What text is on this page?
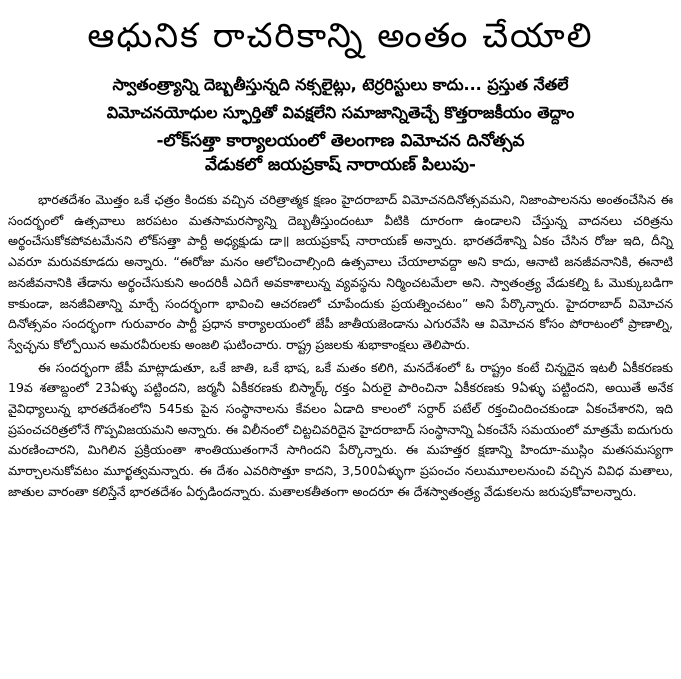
ఆధునిక రాచరికాన్ని అంతం చేయాలి
స్వాతంత్ర్యాన్ని దెబ్బతీస్తున్నది నక్సలైట్లు, టెర్రరిస్టులు కాదు... ప్రస్తుత నేతలే
విమోచనయోధుల స్ఫూర్తితో వివక్షలేని సమాజాన్నితెచ్చే కొత్తరాజకీయం తెద్దాం
-లోక్‌సత్తా కార్యాలయంలో తెలంగాణ విమోచన దినోత్సవ
వేడుకలో జయప్రకాష్ నారాయణ్ పిలుపు-

భారతదేశం మొత్తం ఒకే ఛత్రం కిందకు వచ్చిన చరిత్రాత్మక క్షణం హైదరాబాద్ విమోచనదినోత్సవమని, నిజాంపాలనను అంతంచేసిన ఈ సందర్భంలో ఉత్సవాలు జరపటం మతసామరస్యాన్ని దెబ్బతీస్తుందంటూ వీటికి దూరంగా ఉండాలని చేస్తున్న వాదనలు చరిత్రను అర్థంచేసుకోకపోవటమేనని లోక్‌సత్తా పార్టీ అధ్యక్షుడు డా॥ జయప్రకాష్ నారాయణ్ అన్నారు. భారతదేశాన్ని ఏకం చేసిన రోజు ఇది, దీన్ని ఎవరూ మరువకూడదు అన్నారు. “ఈరోజు మనం ఆలోచించాల్సింది ఉత్సవాలు చేయాలావద్దా అని కాదు, ఆనాటి జనజీవనానికి, ఈనాటి జనజీవనానికి తేడాను అర్థంచేసుకుని అందరికీ ఎదిగే అవకాశాలున్న వ్యవస్థను నిర్మించటమేలా అని. స్వాతంత్ర్య వేడుకల్ని ఓ మొక్కుబడిగా కాకుండా, జనజీవితాన్ని మార్చే సందర్భంగా భావించి ఆచరణలో చూపేందుకు ప్రయత్నించటం” అని పేర్కొన్నారు. హైదరాబాద్ విమోచన దినోత్సవం సందర్భంగా గురువారం పార్టీ ప్రధాన కార్యాలయంలో జేపీ జాతీయజెండాను ఎగురవేసి ఆ విమోచన కోసం పోరాటంలో ప్రాణాల్ని, స్వేచ్ఛను కోల్పోయిన అమరవీరులకు అంజలి ఘటించారు. రాష్ట్ర ప్రజలకు శుభాకాంక్షలు తెలిపారు.

ఈ సందర్భంగా జేపీ మాట్లాడుతూ, ఒకే జాతి, ఒకే భాష, ఒకే మతం కలిగి, మనదేశంలో ఓ రాష్ట్రం కంటే చిన్నదైన ఇటలీ ఏకీకరణకు 19వ శతాబ్దంలో 23ఏళ్ళు పట్టిందని, జర్మనీ ఏకీకరణకు బిస్మార్క్ రక్తం ఏరులై పారించినా ఏకీకరణకు 9ఏళ్ళు పట్టిందని, అయితే అనేక వైవిధ్యాలున్న భారతదేశంలోని 545కు పైన సంస్థానాలను కేవలం ఏడాది కాలంలో సర్దార్ పటేల్ రక్తంచిందించకుండా ఏకంచేశారని, ఇది ప్రపంచచరిత్రలోనే గొప్పవిజయమని అన్నారు. ఈ విలీనంలో చిట్టచివరిదైన హైదరాబాద్ సంస్థానాన్ని ఏకంచేసే సమయంలో మాత్రమే ఐదుగురు మరణించారని, మిగిలిన ప్రక్రియంతా శాంతియుతంగానే సాగిందని పేర్కొన్నారు. ఈ మహత్తర క్షణాన్ని హిందూ-ముస్లిం మతసమస్యగా మార్చాలనుకోవటం మూర్ఖత్వమన్నారు. ఈ దేశం ఎవరిసొత్తూ కాదని, 3,500ఏళ్ళుగా ప్రపంచం నలుమూలలనుంచి వచ్చిన వివిధ మతాలు, జాతుల వారంతా కలిస్తేనే భారతదేశం ఏర్పడిందన్నారు. మతాలకతీతంగా అందరూ ఈ దేశస్వాతంత్ర్య వేడుకలను జరుపుకోవాలన్నారు.
